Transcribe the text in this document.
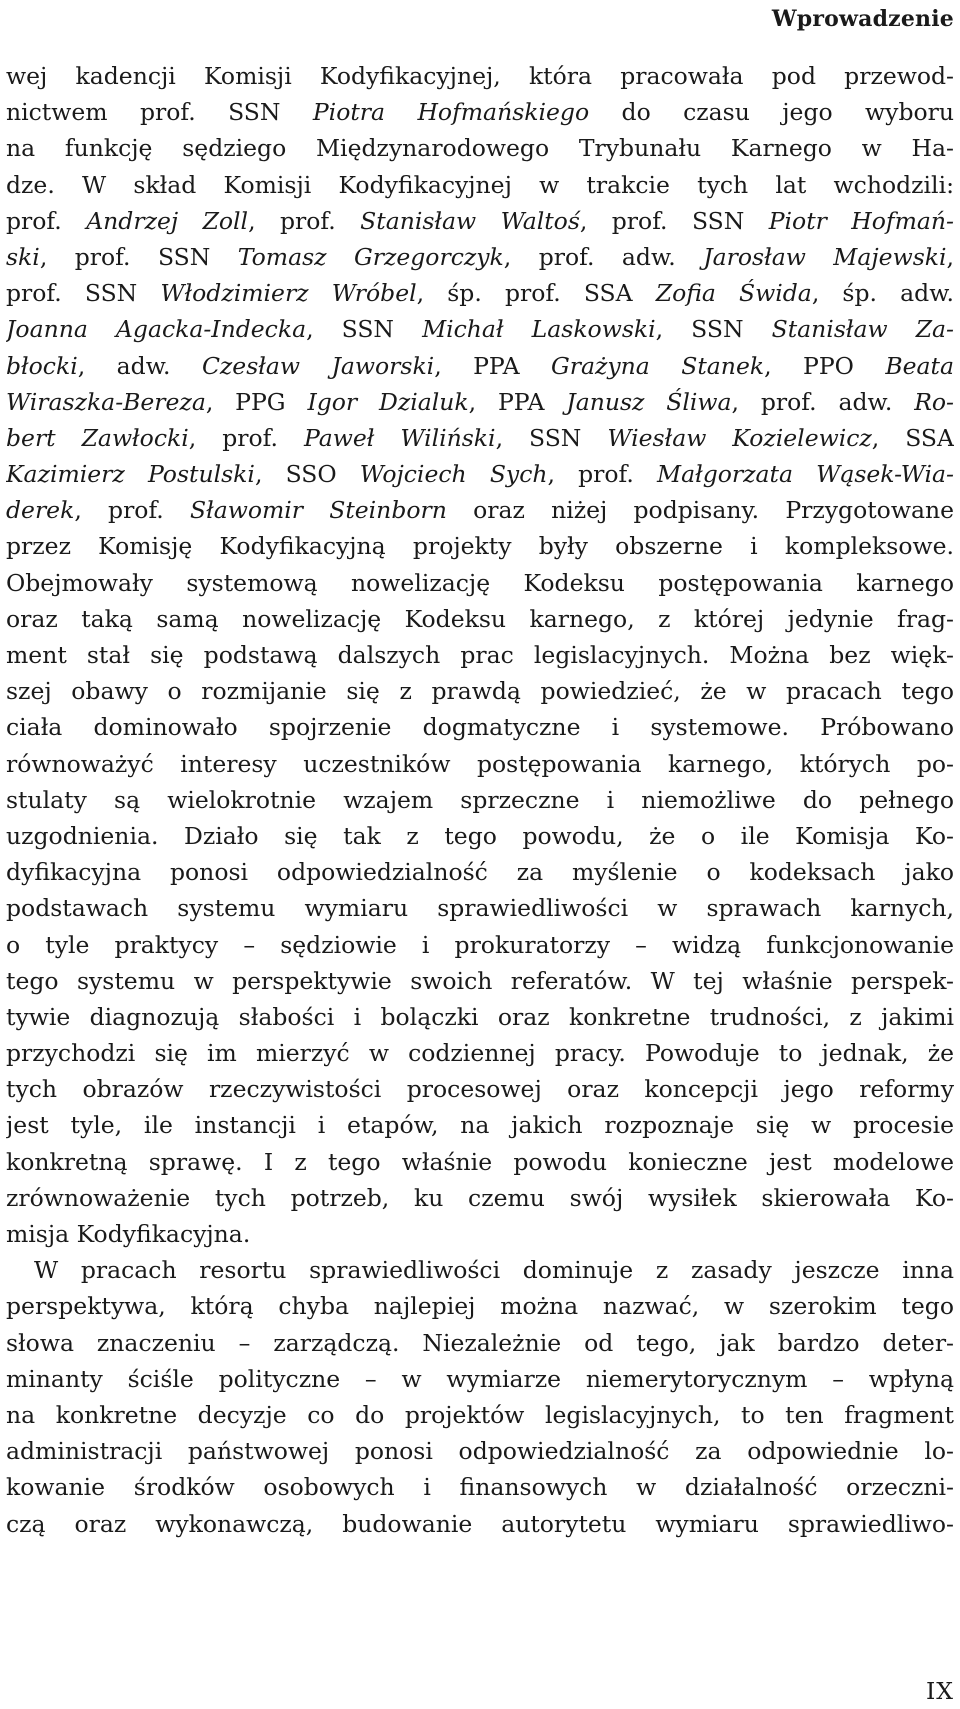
Wprowadzenie
wej kadencji Komisji Kodyfikacyjnej, która pracowała pod przewod-
nictwem prof. SSN Piotra Hofmańskiego do czasu jego wyboru
na funkcję sędziego Międzynarodowego Trybunału Karnego w Ha-
dze. W skład Komisji Kodyfikacyjnej w trakcie tych lat wchodzili:
prof. Andrzej Zoll, prof. Stanisław Waltoś, prof. SSN Piotr Hofmań-
ski, prof. SSN Tomasz Grzegorczyk, prof. adw. Jarosław Majewski,
prof. SSN Włodzimierz Wróbel, śp. prof. SSA Zofia Świda, śp. adw.
Joanna Agacka-Indecka, SSN Michał Laskowski, SSN Stanisław Za-
błocki, adw. Czesław Jaworski, PPA Grażyna Stanek, PPO Beata
Wiraszka-Bereza, PPG Igor Dzialuk, PPA Janusz Śliwa, prof. adw. Ro-
bert Zawłocki, prof. Paweł Wiliński, SSN Wiesław Kozielewicz, SSA
Kazimierz Postulski, SSO Wojciech Sych, prof. Małgorzata Wąsek-Wia-
derek, prof. Sławomir Steinborn oraz niżej podpisany. Przygotowane
przez Komisję Kodyfikacyjną projekty były obszerne i kompleksowe.
Obejmowały systemową nowelizację Kodeksu postępowania karnego
oraz taką samą nowelizację Kodeksu karnego, z której jedynie frag-
ment stał się podstawą dalszych prac legislacyjnych. Można bez więk-
szej obawy o rozmijanie się z prawdą powiedzieć, że w pracach tego
ciała dominowało spojrzenie dogmatyczne i systemowe. Próbowano
równoważyć interesy uczestników postępowania karnego, których po-
stulaty są wielokrotnie wzajem sprzeczne i niemożliwe do pełnego
uzgodnienia. Działo się tak z tego powodu, że o ile Komisja Ko-
dyfikacyjna ponosi odpowiedzialność za myślenie o kodeksach jako
podstawach systemu wymiaru sprawiedliwości w sprawach karnych,
o tyle praktycy – sędziowie i prokuratorzy – widzą funkcjonowanie
tego systemu w perspektywie swoich referatów. W tej właśnie perspek-
tywie diagnozują słabości i bolączki oraz konkretne trudności, z jakimi
przychodzi się im mierzyć w codziennej pracy. Powoduje to jednak, że
tych obrazów rzeczywistości procesowej oraz koncepcji jego reformy
jest tyle, ile instancji i etapów, na jakich rozpoznaje się w procesie
konkretną sprawę. I z tego właśnie powodu konieczne jest modelowe
zrównoważenie tych potrzeb, ku czemu swój wysiłek skierowała Ko-
misja Kodyfikacyjna.
W pracach resortu sprawiedliwości dominuje z zasady jeszcze inna
perspektywa, którą chyba najlepiej można nazwać, w szerokim tego
słowa znaczeniu – zarządczą. Niezależnie od tego, jak bardzo deter-
minanty ściśle polityczne – w wymiarze niemerytorycznym – wpłyną
na konkretne decyzje co do projektów legislacyjnych, to ten fragment
administracji państwowej ponosi odpowiedzialność za odpowiednie lo-
kowanie środków osobowych i finansowych w działalność orzeczni-
czą oraz wykonawczą, budowanie autorytetu wymiaru sprawiedliwo-
IX
